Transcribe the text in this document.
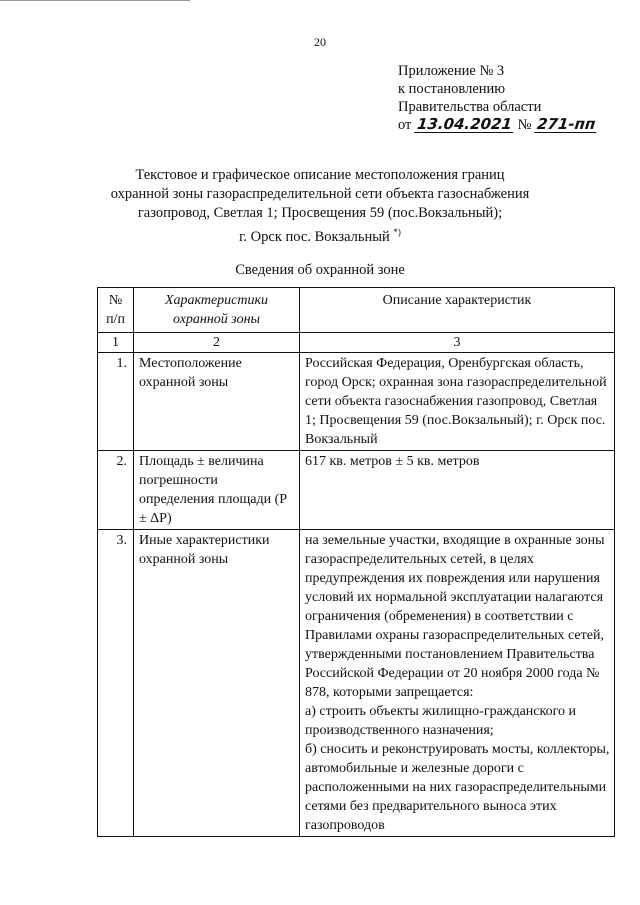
20
Приложение № 3
к постановлению
Правительства области
от 13.04.2021 № 271-пп
Текстовое и графическое описание местоположения границ
охранной зоны газораспределительной сети объекта газоснабжения
газопровод, Светлая 1; Просвещения 59 (пос.Вокзальный);
г. Орск пос. Вокзальный *)
Сведения об охранной зоне
№ п/п	Характеристики охранной зоны	Описание характеристик
1	2	3
1.	Местоположение охранной зоны	Российская Федерация, Оренбургская область, город Орск; охранная зона газораспределительной сети объекта газоснабжения газопровод, Светлая 1; Просвещения 59 (пос.Вокзальный); г. Орск пос. Вокзальный
2.	Площадь ± величина погрешности определения площади (Р ± ΔР)	617 кв. метров ± 5 кв. метров
3.	Иные характеристики охранной зоны	на земельные участки, входящие в охранные зоны газораспределительных сетей, в целях предупреждения их повреждения или нарушения условий их нормальной эксплуатации налагаются ограничения (обременения) в соответствии с Правилами охраны газораспределительных сетей, утвержденными постановлением Правительства Российской Федерации от 20 ноября 2000 года № 878, которыми запрещается:
а) строить объекты жилищно-гражданского и производственного назначения;
б) сносить и реконструировать мосты, коллекторы, автомобильные и железные дороги с расположенными на них газораспределительными сетями без предварительного выноса этих газопроводов
